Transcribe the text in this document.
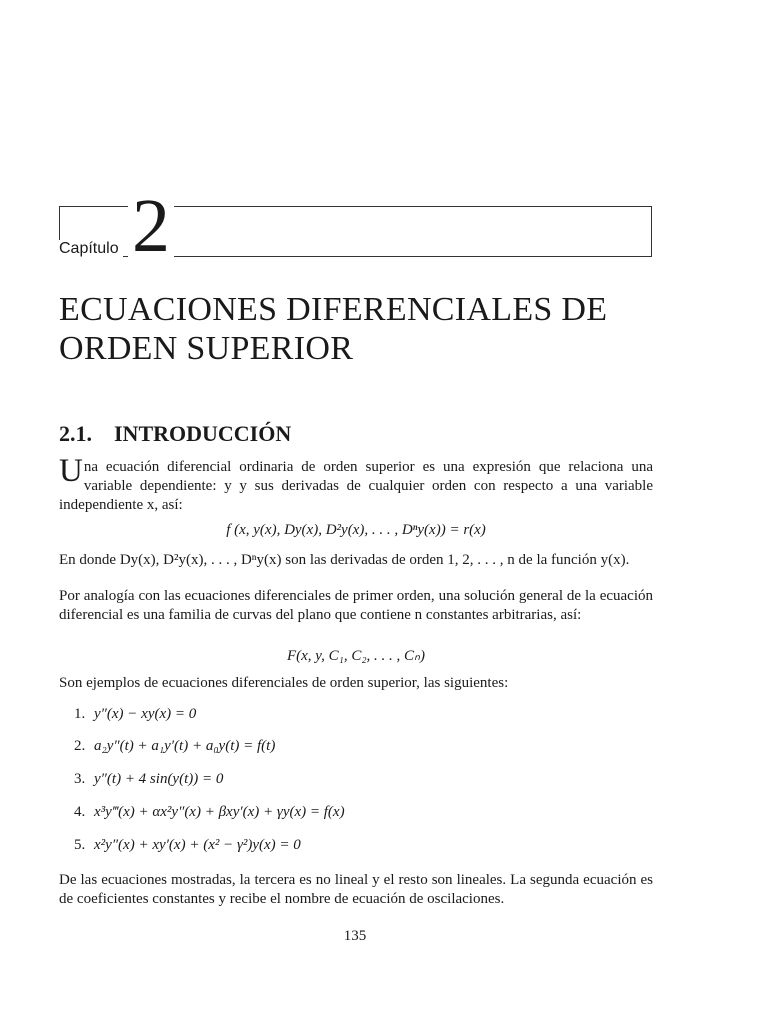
Capítulo 2
ECUACIONES DIFERENCIALES DE ORDEN SUPERIOR
2.1. INTRODUCCIÓN
Una ecuación diferencial ordinaria de orden superior es una expresión que relaciona una variable dependiente: y y sus derivadas de cualquier orden con respecto a una variable independiente x, así:
f (x, y(x), Dy(x), D²y(x), . . . , Dⁿy(x)) = r(x)
En donde Dy(x), D²y(x), . . . , Dⁿy(x) son las derivadas de orden 1, 2, . . . , n de la función y(x).
Por analogía con las ecuaciones diferenciales de primer orden, una solución general de la ecuación diferencial es una familia de curvas del plano que contiene n constantes arbitrarias, así:
F(x, y, C₁, C₂, . . . , Cₙ)
Son ejemplos de ecuaciones diferenciales de orden superior, las siguientes:
1. y″(x) − xy(x) = 0
2. a₂y″(t) + a₁y′(t) + a₀y(t) = f(t)
3. y″(t) + 4 sin(y(t)) = 0
4. x³y‴(x) + αx²y″(x) + βxy′(x) + γy(x) = f(x)
5. x²y″(x) + xy′(x) + (x² − γ²)y(x) = 0
De las ecuaciones mostradas, la tercera es no lineal y el resto son lineales. La segunda ecuación es de coeficientes constantes y recibe el nombre de ecuación de oscilaciones.
135
